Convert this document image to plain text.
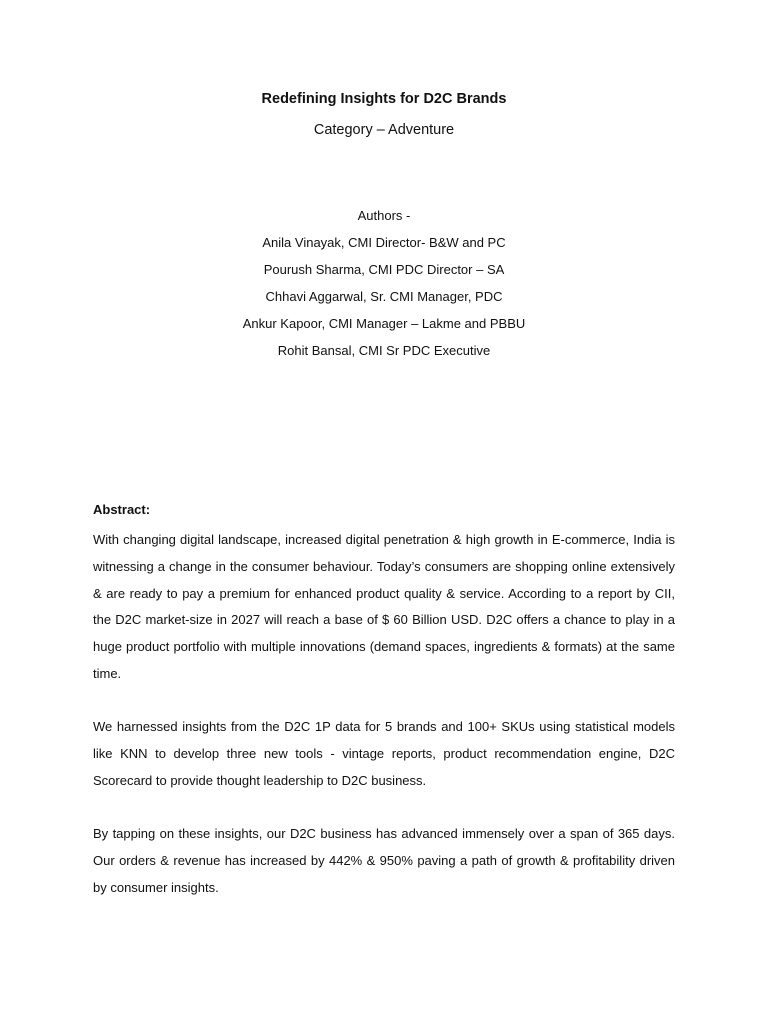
Redefining Insights for D2C Brands
Category – Adventure
Authors -
Anila Vinayak, CMI Director- B&W and PC
Pourush Sharma, CMI PDC Director – SA
Chhavi Aggarwal, Sr. CMI Manager, PDC
Ankur Kapoor, CMI Manager – Lakme and PBBU
Rohit Bansal, CMI Sr PDC Executive
Abstract:

With changing digital landscape, increased digital penetration & high growth in E-commerce, India is witnessing a change in the consumer behaviour. Today’s consumers are shopping online extensively & are ready to pay a premium for enhanced product quality & service. According to a report by CII, the D2C market-size in 2027 will reach a base of $ 60 Billion USD. D2C offers a chance to play in a huge product portfolio with multiple innovations (demand spaces, ingredients & formats) at the same time.

We harnessed insights from the D2C 1P data for 5 brands and 100+ SKUs using statistical models like KNN to develop three new tools - vintage reports, product recommendation engine, D2C Scorecard to provide thought leadership to D2C business.

By tapping on these insights, our D2C business has advanced immensely over a span of 365 days. Our orders & revenue has increased by 442% & 950% paving a path of growth & profitability driven by consumer insights.
